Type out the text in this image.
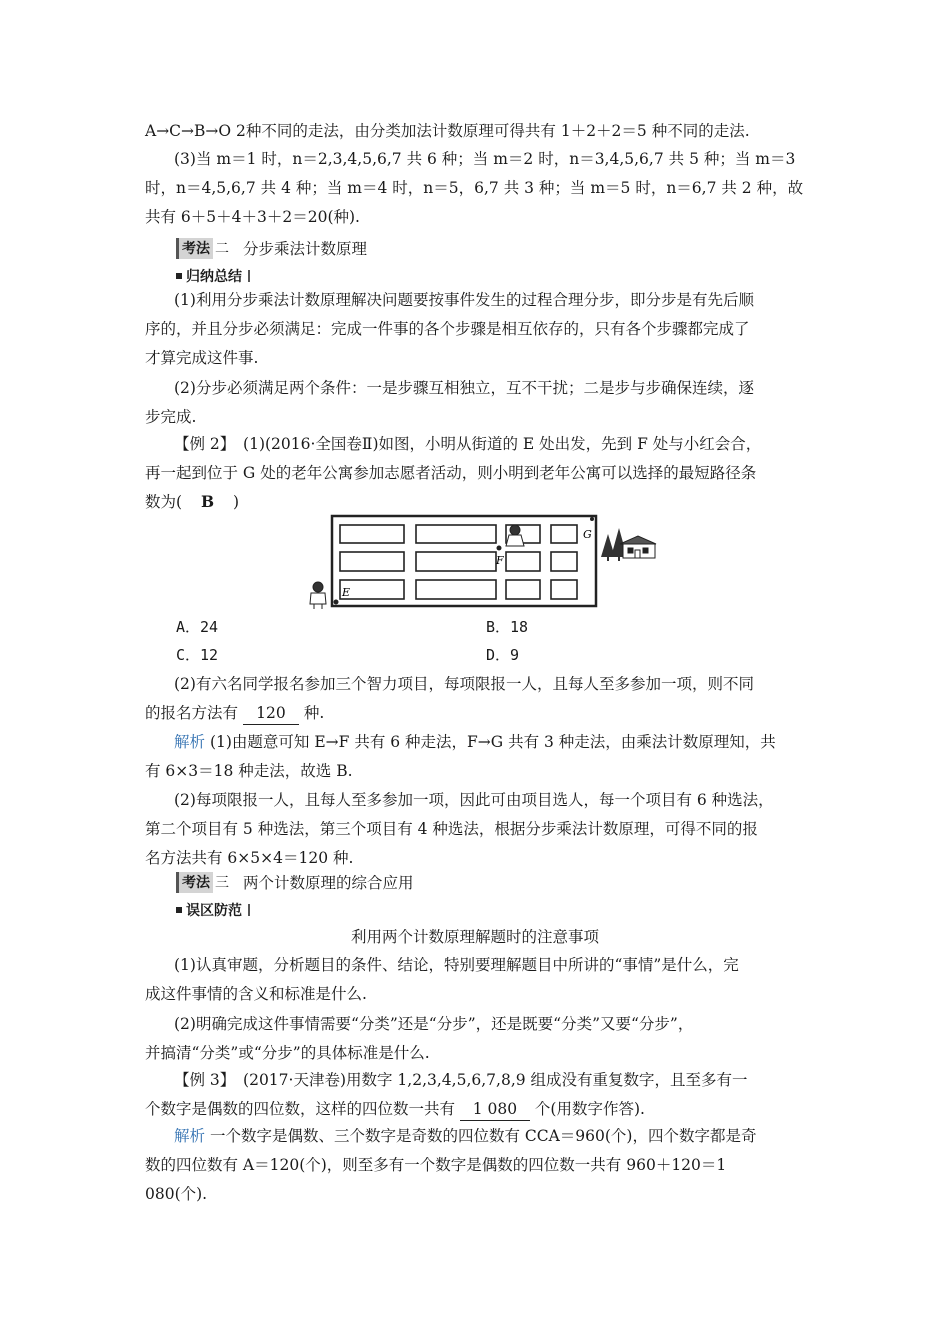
A→C→B→O 2种不同的走法，由分类加法计数原理可得共有 1＋2＋2＝5 种不同的走法.
(3)当 m＝1 时，n＝2,3,4,5,6,7 共 6 种；当 m＝2 时，n＝3,4,5,6,7 共 5 种；当 m＝3
时，n＝4,5,6,7 共 4 种；当 m＝4 时，n＝5，6,7 共 3 种；当 m＝5 时，n＝6,7 共 2 种，故
共有 6＋5＋4＋3＋2＝20(种).
考法 二 分步乘法计数原理
归纳总结
(1)利用分步乘法计数原理解决问题要按事件发生的过程合理分步，即分步是有先后顺
序的，并且分步必须满足：完成一件事的各个步骤是相互依存的，只有各个步骤都完成了
才算完成这件事.
(2)分步必须满足两个条件：一是步骤互相独立，互不干扰；二是步与步确保连续，逐
步完成.
【例 2】　(1)(2016·全国卷Ⅱ)如图，小明从街道的 E 处出发，先到 F 处与小红会合，
再一起到位于 G 处的老年公寓参加志愿者活动，则小明到老年公寓可以选择的最短路径条
数为( B )
E
F
G
A．24	B．18
C．12	D．9
(2)有六名同学报名参加三个智力项目，每项限报一人，且每人至多参加一项，则不同
的报名方法有 120 种.
解析 (1)由题意可知 E→F 共有 6 种走法，F→G 共有 3 种走法，由乘法计数原理知，共
有 6×3＝18 种走法，故选 B.
(2)每项限报一人，且每人至多参加一项，因此可由项目选人，每一个项目有 6 种选法，
第二个项目有 5 种选法，第三个项目有 4 种选法，根据分步乘法计数原理，可得不同的报
名方法共有 6×5×4＝120 种.
考法 三 两个计数原理的综合应用
误区防范
利用两个计数原理解题时的注意事项
(1)认真审题，分析题目的条件、结论，特别要理解题目中所讲的“事情”是什么，完
成这件事情的含义和标准是什么.
(2)明确完成这件事情需要“分类”还是“分步”，还是既要“分类”又要“分步”，
并搞清“分类”或“分步”的具体标准是什么.
【例 3】　(2017·天津卷)用数字 1,2,3,4,5,6,7,8,9 组成没有重复数字，且至多有一
个数字是偶数的四位数，这样的四位数一共有 1 080 个(用数字作答).
解析 一个数字是偶数、三个数字是奇数的四位数有 CCA＝960(个)，四个数字都是奇
数的四位数有 A＝120(个)，则至多有一个数字是偶数的四位数一共有 960＋120＝1
080(个).
